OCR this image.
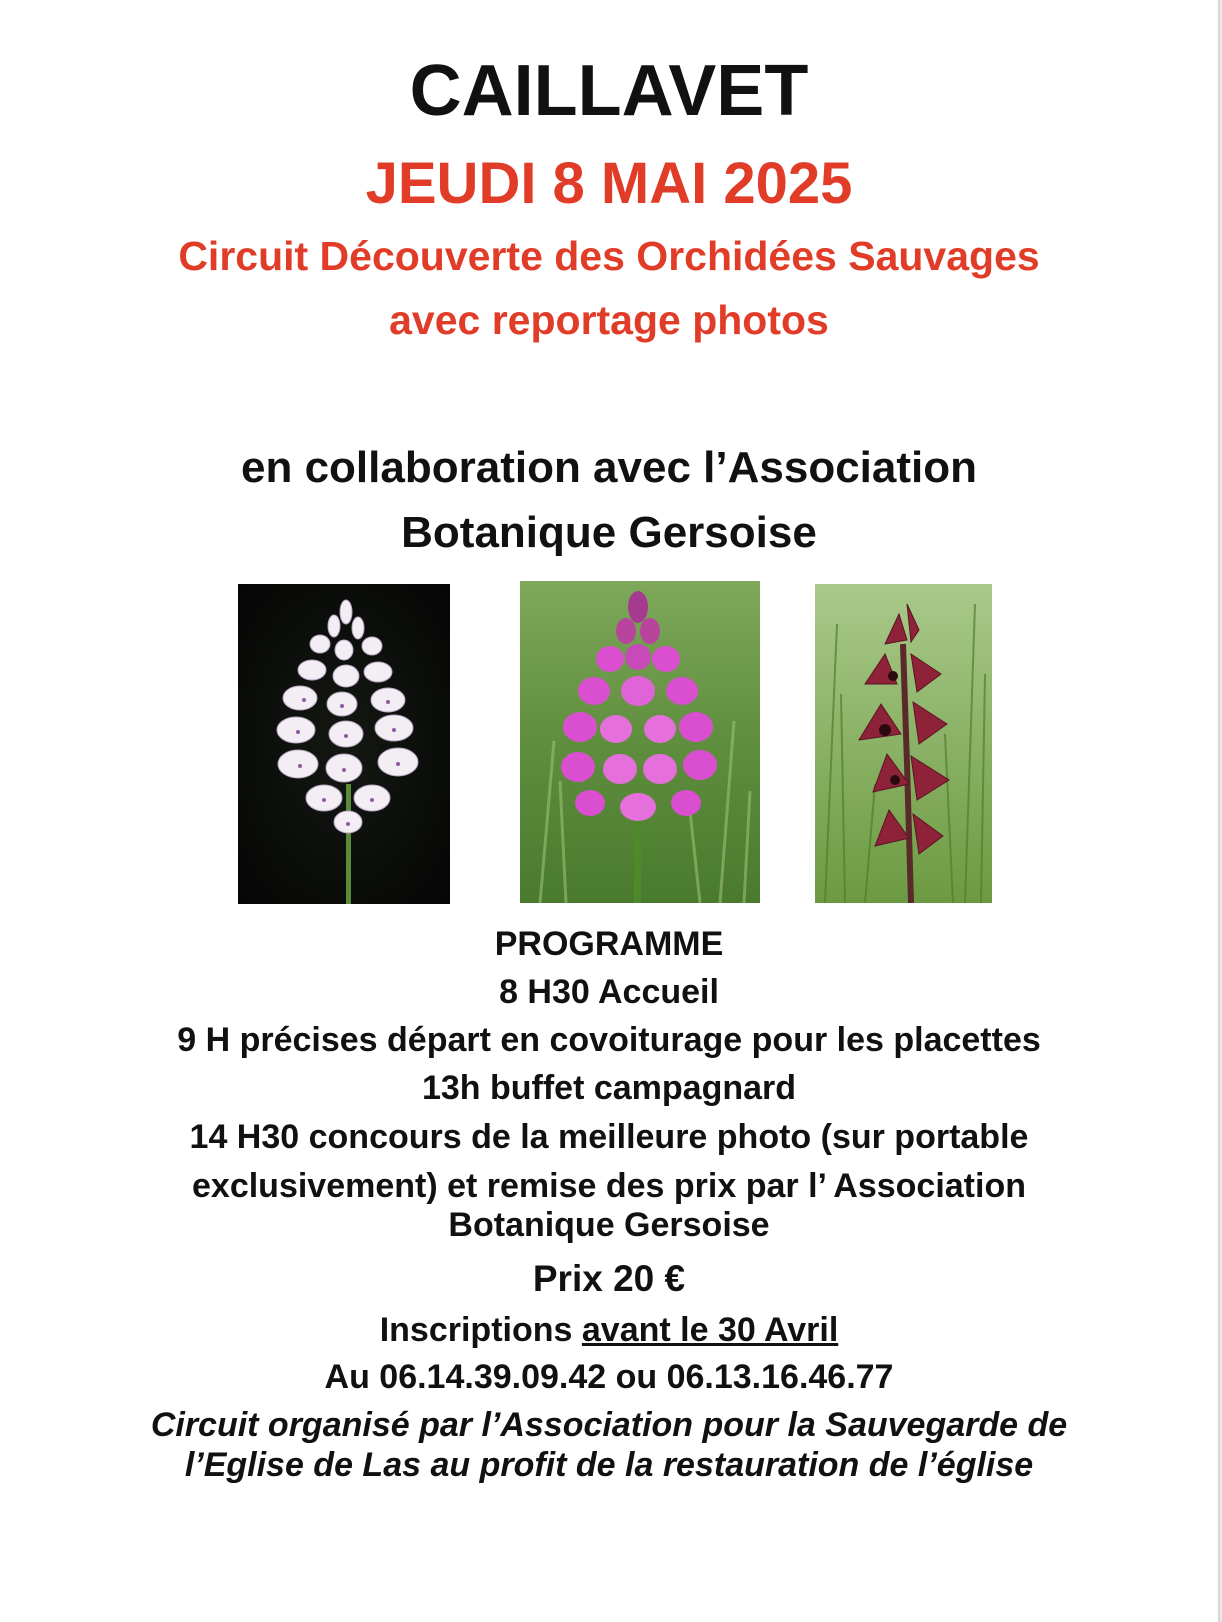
CAILLAVET
JEUDI 8 MAI 2025
Circuit Découverte des Orchidées Sauvages
avec reportage photos
en collaboration avec l’Association
Botanique Gersoise
PROGRAMME
8 H30 Accueil
9 H précises départ en covoiturage pour les placettes
13h buffet campagnard
14 H30 concours de la meilleure photo (sur portable
exclusivement) et remise des prix par l’ Association
Botanique Gersoise
Prix 20 €
Inscriptions avant le 30 Avril
Au 06.14.39.09.42 ou 06.13.16.46.77
Circuit organisé par l’Association pour la Sauvegarde de
l’Eglise de Las au profit de la restauration de l’église
